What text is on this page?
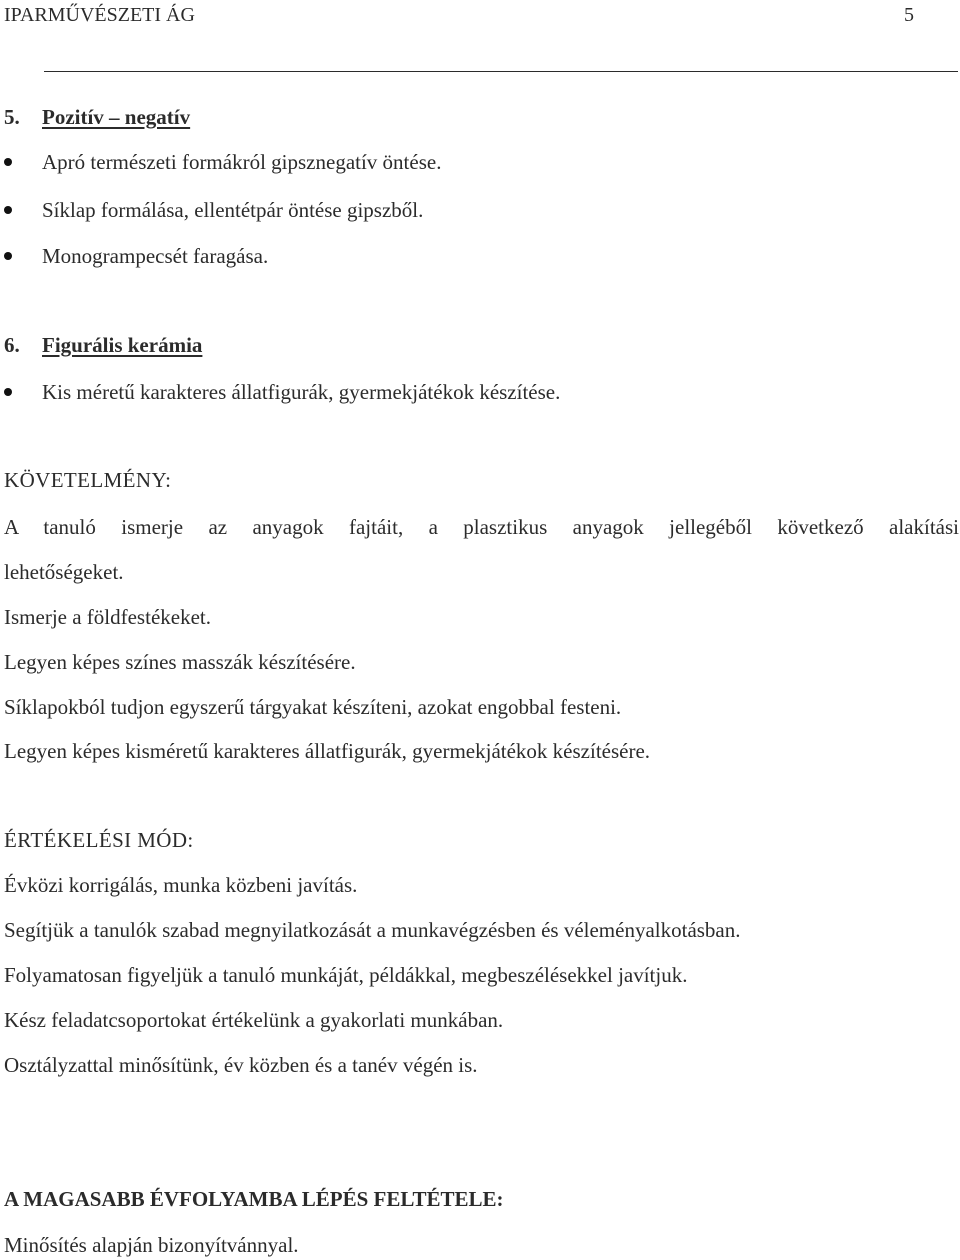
IPARMŰVÉSZETI ÁG	5
5. Pozitív – negatív
Apró természeti formákról gipsznegatív öntése.
Síklap formálása, ellentétpár öntése gipszből.
Monogrampecsét faragása.
6. Figurális kerámia
Kis méretű karakteres állatfigurák, gyermekjátékok készítése.
KÖVETELMÉNY:
A tanuló ismerje az anyagok fajtáit, a plasztikus anyagok jellegéből következő alakítási
lehetőségeket.
Ismerje a földfestékeket.
Legyen képes színes masszák készítésére.
Síklapokból tudjon egyszerű tárgyakat készíteni, azokat engobbal festeni.
Legyen képes kisméretű karakteres állatfigurák, gyermekjátékok készítésére.
ÉRTÉKELÉSI MÓD:
Évközi korrigálás, munka közbeni javítás.
Segítjük a tanulók szabad megnyilatkozását a munkavégzésben és véleményalkotásban.
Folyamatosan figyeljük a tanuló munkáját, példákkal, megbeszélésekkel javítjuk.
Kész feladatcsoportokat értékelünk a gyakorlati munkában.
Osztályzattal minősítünk, év közben és a tanév végén is.
A MAGASABB ÉVFOLYAMBA LÉPÉS FELTÉTELE:
Minősítés alapján bizonyítvánnyal.
